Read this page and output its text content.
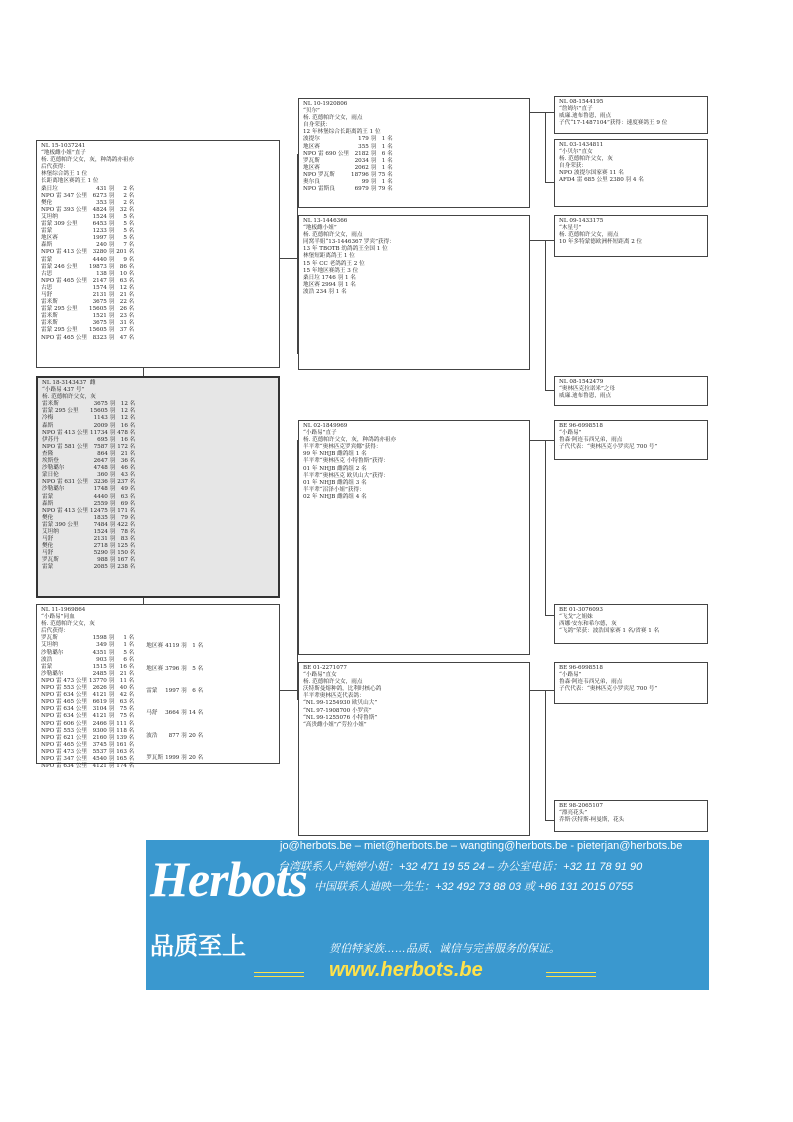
NL 15-1037241
“地板雌小姐”直子
杨. 范德帕许父女，灰，种鸽鸽亦祖亦
后代获得：
林堡综合鸽王 1 位
长距离地区赛鸽王 1 位
桑日垃	431 羽	2 名
NPO 雷 347 公里	6273 羽	2 名
樊伦	353 羽	2 名
NPO 雷 393 公里	4824 羽	32 名
艾坦纳	1524 羽	5 名
雷蒙 309 公里	6453 羽	5 名
雷蒙	1233 羽	5 名
地区赛	1997 羽	5 名
森斯	240 羽	7 名
NPO 雷 413 公里	3280 羽	201 名
雷蒙	4440 羽	9 名
雷蒙 246 公里	19873 羽	86 名
古思	138 羽	10 名
NPO 雷 465 公里	2147 羽	63 名
古思	1574 羽	12 名
马舒	2131 羽	21 名
雷米斯	3675 羽	22 名
雷蒙 295 公里	15605 羽	26 名
雷米斯	1521 羽	23 名
雷米斯	3675 羽	31 名
雷蒙 295 公里	15605 羽	37 名
NPO 雷 465 公里	8323 羽	47 名
NL 18-3143437  雌
“小路易 437 号”
杨. 范德帕许父女，灰
雷米斯	3675 羽	12 名
雷蒙 295 公里	15605 羽	12 名
冷梅	1143 羽	12 名
森斯	2009 羽	16 名
NPO 雷 413 公里	11734 羽	478 名
伊苏丹	695 羽	16 名
NPO 雷 581 公里	7587 羽	172 名
查隆	864 羽	21 名
埃斯登	2647 羽	36 名
沙勒璐尔	4748 羽	46 名
蒙日伦	360 羽	43 名
NPO 雷 631 公里	3236 羽	237 名
沙勒璐尔	1748 羽	49 名
雷蒙	4440 羽	63 名
森斯	2559 羽	69 名
NPO 雷 413 公里	12475 羽	171 名
樊伦	1835 羽	79 名
雷蒙 390 公里	7484 羽	422 名
艾坦纳	1524 羽	78 名
马舒	2131 羽	83 名
樊伦	2718 羽	125 名
马舒	5290 羽	150 名
罗瓦斯	988 羽	167 名
雷蒙	2085 羽	238 名
NL 11-1969864
“小路易”同血
杨. 范德帕许父女，灰
后代获得：
罗瓦斯	1598 羽	1 名
艾坦纳	349 羽	1 名
沙勒璐尔	4351 羽	5 名
波浩	903 羽	6 名
雷蒙	1515 羽	16 名
沙勒璐尔	2485 羽	21 名
NPO 雷 473 公里	13770 羽	11 名
NPO 雷 553 公里	2626 羽	40 名
NPO 雷 634 公里	4121 羽	42 名
NPO 雷 465 公里	6619 羽	63 名
NPO 雷 634 公里	3104 羽	75 名
NPO 雷 634 公里	4121 羽	75 名
NPO 雷 606 公里	2466 羽	111 名
NPO 雷 553 公里	9300 羽	118 名
NPO 雷 621 公里	2160 羽	139 名
NPO 雷 465 公里	3745 羽	161 名
NPO 雷 473 公里	5537 羽	163 名
NPO 雷 347 公里	4540 羽	165 名
NPO 雷 634 公里	4121 羽	174 名
地区赛	4119 羽	1 名
地区赛	3796 羽	5 名
雷蒙	1997 羽	6 名
马舒	3664 羽	14 名
波浩	877 羽	20 名
罗瓦斯	1999 羽	20 名
NL 10-1920806
“贝尔”
杨. 范德帕许父女，雨点
自身荣获：
12 年林堡综合长距离鸽王 1 位
波提尔	179 羽	1 名
地区赛	355 羽	1 名
NPO 雷 690 公里	2182 羽	6 名
罗瓦斯	2034 羽	1 名
地区赛	2062 羽	1 名
NPO 罗瓦斯	18796 羽	75 名
奥尔良	99 羽	1 名
NPO 雷斯良	6979 羽	79 名
NL 13-1446366
“地板雌小姐”
杨. 范德帕许父女，雨点
同窝半姐“13-1446367 罗宾”获得：
13 年 TBOTB 幼鸽鸽王全国 1 位
林堡短距离鸽王 1 位
15 年 CC 老鸽鸽王 2 位
15 年地区赛鸽王 3 位
桑日垃 1746 羽 1 名
地区赛 2994 羽 1 名
波浩 234 羽 1 名
NL 02-1849969
“小路易”直子
杨. 范德帕许父女，灰，种鸽鸽亦祖亦
半平辈“奥林匹克罗宾娜”获得：
99 年 NHJB 雌鸽组 1 名
半平辈“奥林匹克 小特鲁斯”获得：
01 年 NHJB 雌鸽组 2 名
半平辈“奥林匹克 欧贝山大”获得：
01 年 NHJB 雌鸽组 3 名
半平辈“沼泽小姐”获得：
02 年 NHJB 雌鸽组 4 名
BE 01-2271077
“小路易”直女
杨. 范德帕许父女，雨点
沃特斯曼熔种鸽，比利时核心鸽
半平辈奥林匹克代表鸽：
“NL 99-1254930 欧贝山大”
“NL 97-1908700 小罗宾”
“NL 99-1255076 小特鲁斯”
“高贵雌小姐”/“劳拉小姐”
NL 08-1544195
“詹姆尔”直子
威廉.迪布鲁恩，雨点
子代“17-1487104”获得：速度赛鸽王 9 位
NL 03-1434811
“小贝尔”直女
杨. 范德帕许父女，灰
自身荣获：
NPO 波提尔国家赛 11 名
AFD4 雷 685 公里 2380 羽 4 名
NL 09-1433175
“木星号”
杨. 范德帕许父女，雨点
10 年多特蒙德欧洲杯短距离 2 位
NL 08-1542479
“奥林匹克拉诺米”之母
威廉.迪布鲁恩，雨点
BE 96-6998518
“小路易”
鲁森·阿连韦西兄弟，雨点
子代代表：“奥林匹克小罗宾尼 700 号”
BE 01-3076093
“飞戈”之姐妹
西娜·安东和希尔德，灰
“飞鸽”荣获：波浩国家赛 1 名/省赛 1 名
BE 96-6998518
“小路易”
鲁森·阿连韦西兄弟，雨点
子代代表：“奥林匹克小罗宾尼 700 号”
BE 98-2065107
“漂亮花头”
乔斯·沃特斯-柯曼斯，花头
Herbots
品质至上
jo@herbots.be – miet@herbots.be – wangting@herbots.be - pieterjan@herbots.be
台湾联系人卢婉婷小姐：+32 471 19 55 24 – 办公室电话：+32 11 78 91 90
中国联系人迪映一先生：+32 492 73 88 03 或 +86 131 2015 0755
贺伯特家族……品质、诚信与完善服务的保证。
www.herbots.be
